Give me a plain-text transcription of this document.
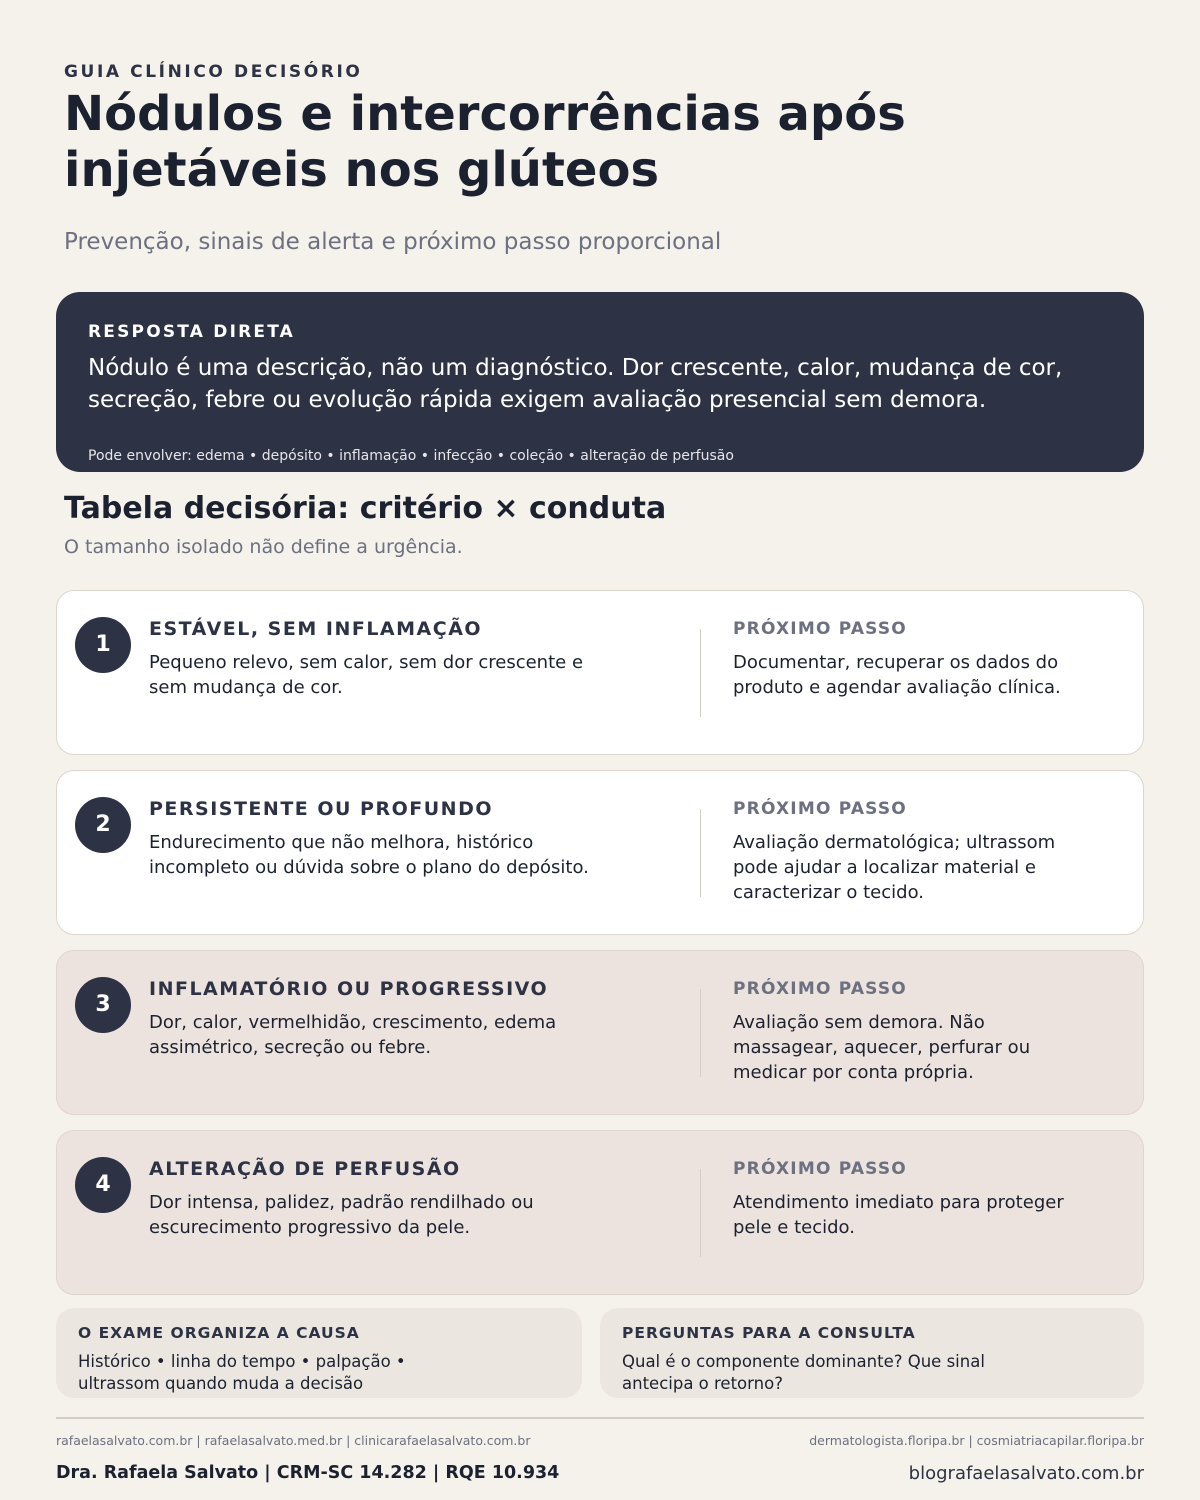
GUIA CLÍNICO DECISÓRIO
Nódulos e intercorrências após injetáveis nos glúteos
Prevenção, sinais de alerta e próximo passo proporcional
RESPOSTA DIRETA

Nódulo é uma descrição, não um diagnóstico. Dor crescente, calor, mudança de cor, secreção, febre ou evolução rápida exigem avaliação presencial sem demora.

Pode envolver: edema • depósito • inflamação • infecção • coleção • alteração de perfusão
Tabela decisória: critério × conduta
O tamanho isolado não define a urgência.
1
ESTÁVEL, SEM INFLAMAÇÃO
Pequeno relevo, sem calor, sem dor crescente e sem mudança de cor.
PRÓXIMO PASSO
Documentar, recuperar os dados do produto e agendar avaliação clínica.
2
PERSISTENTE OU PROFUNDO
Endurecimento que não melhora, histórico incompleto ou dúvida sobre o plano do depósito.
PRÓXIMO PASSO
Avaliação dermatológica; ultrassom pode ajudar a localizar material e caracterizar o tecido.
3
INFLAMATÓRIO OU PROGRESSIVO
Dor, calor, vermelhidão, crescimento, edema assimétrico, secreção ou febre.
PRÓXIMO PASSO
Avaliação sem demora. Não massagear, aquecer, perfurar ou medicar por conta própria.
4
ALTERAÇÃO DE PERFUSÃO
Dor intensa, palidez, padrão rendilhado ou escurecimento progressivo da pele.
PRÓXIMO PASSO
Atendimento imediato para proteger pele e tecido.
O EXAME ORGANIZA A CAUSA
Histórico • linha do tempo • palpação • ultrassom quando muda a decisão
PERGUNTAS PARA A CONSULTA
Qual é o componente dominante? Que sinal antecipa o retorno?
rafaelasalvato.com.br | rafaelasalvato.med.br | clinicarafaelasalvato.com.br	dermatologista.floripa.br | cosmiatriacapilar.floripa.br
Dra. Rafaela Salvato | CRM-SC 14.282 | RQE 10.934	blografaelasalvato.com.br
